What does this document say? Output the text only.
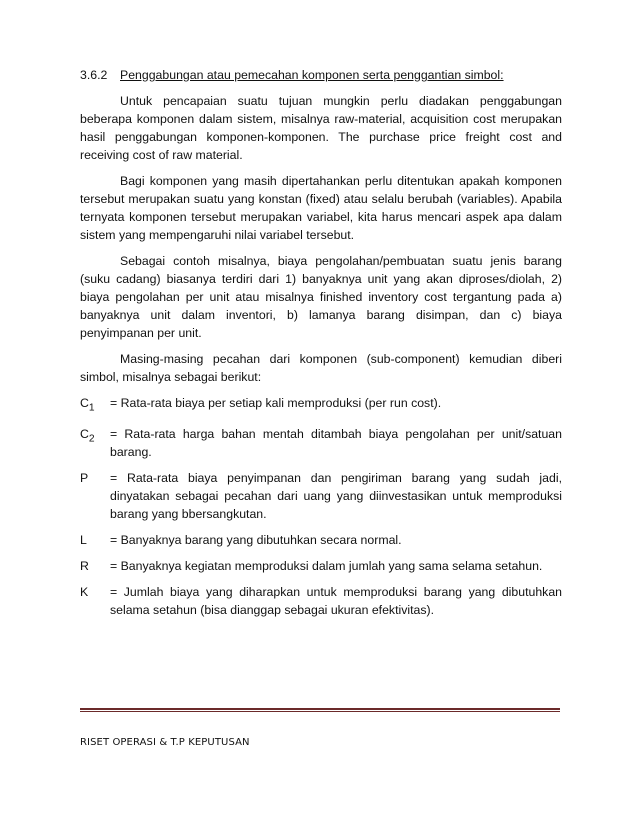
3.6.2	Penggabungan atau pemecahan komponen serta penggantian simbol:

Untuk pencapaian suatu tujuan mungkin perlu diadakan penggabungan beberapa komponen dalam sistem, misalnya raw-material, acquisition cost merupakan hasil penggabungan komponen-komponen. The purchase price freight cost and receiving cost of raw material.

Bagi komponen yang masih dipertahankan perlu ditentukan apakah komponen tersebut merupakan suatu yang konstan (fixed) atau selalu berubah (variables). Apabila ternyata komponen tersebut merupakan variabel, kita harus mencari aspek apa dalam sistem yang mempengaruhi nilai variabel tersebut.

Sebagai contoh misalnya, biaya pengolahan/pembuatan suatu jenis barang (suku cadang) biasanya terdiri dari 1) banyaknya unit yang akan diproses/diolah, 2) biaya pengolahan per unit atau misalnya finished inventory cost tergantung pada a) banyaknya unit dalam inventori, b) lamanya barang disimpan, dan c) biaya penyimpanan per unit.

Masing-masing pecahan dari komponen (sub-component) kemudian diberi simbol, misalnya sebagai berikut:

$C_1$	= Rata-rata biaya per setiap kali memproduksi (per run cost).
$C_2$	= Rata-rata harga bahan mentah ditambah biaya pengolahan per unit/satuan barang.
P	= Rata-rata biaya penyimpanan dan pengiriman barang yang sudah jadi, dinyatakan sebagai pecahan dari uang yang diinvestasikan untuk memproduksi barang yang bbersangkutan.
L	= Banyaknya barang yang dibutuhkan secara normal.
R	= Banyaknya kegiatan memproduksi dalam jumlah yang sama selama setahun.
K	= Jumlah biaya yang diharapkan untuk memproduksi barang yang dibutuhkan selama setahun (bisa dianggap sebagai ukuran efektivitas).
RISET OPERASI & T.P KEPUTUSAN
